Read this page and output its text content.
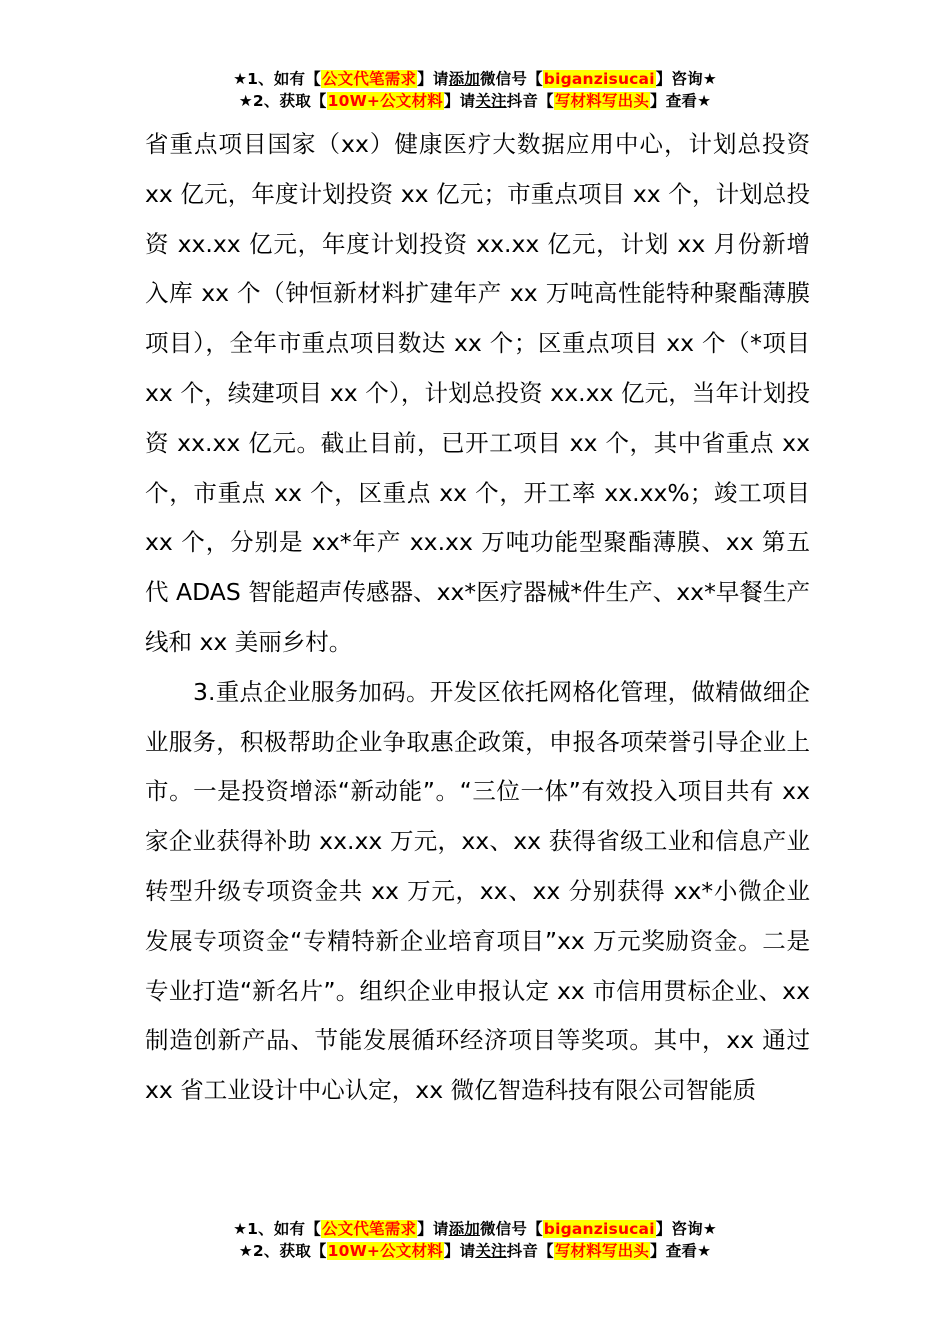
★1、如有【公文代笔需求】请添加微信号【biganzisucai】咨询★
★2、获取【10W+公文材料】请关注抖音【写材料写出头】查看★

省重点项目国家（xx）健康医疗大数据应用中心，计划总投资 xx 亿元，年度计划投资 xx 亿元；市重点项目 xx 个，计划总投资 xx.xx 亿元，年度计划投资 xx.xx 亿元，计划 xx 月份新增入库 xx 个（钟恒新材料扩建年产 xx 万吨高性能特种聚酯薄膜项目），全年市重点项目数达 xx 个；区重点项目 xx 个（*项目 xx 个，续建项目 xx 个），计划总投资 xx.xx 亿元，当年计划投资 xx.xx 亿元。截止目前，已开工项目 xx 个，其中省重点 xx 个，市重点 xx 个，区重点 xx 个，开工率 xx.xx%；竣工项目 xx 个，分别是 xx*年产 xx.xx 万吨功能型聚酯薄膜、xx 第五代 ADAS 智能超声传感器、xx*医疗器械*件生产、xx*早餐生产线和 xx 美丽乡村。

3.重点企业服务加码。开发区依托网格化管理，做精做细企业服务，积极帮助企业争取惠企政策，申报各项荣誉引导企业上市。一是投资增添“新动能”。“三位一体”有效投入项目共有 xx 家企业获得补助 xx.xx 万元，xx、xx 获得省级工业和信息产业转型升级专项资金共 xx 万元，xx、xx 分别获得 xx*小微企业发展专项资金“专精特新企业培育项目”xx 万元奖励资金。二是专业打造“新名片”。组织企业申报认定 xx 市信用贯标企业、xx 制造创新产品、节能发展循环经济项目等奖项。其中，xx 通过 xx 省工业设计中心认定，xx 微亿智造科技有限公司智能质

★1、如有【公文代笔需求】请添加微信号【biganzisucai】咨询★
★2、获取【10W+公文材料】请关注抖音【写材料写出头】查看★
